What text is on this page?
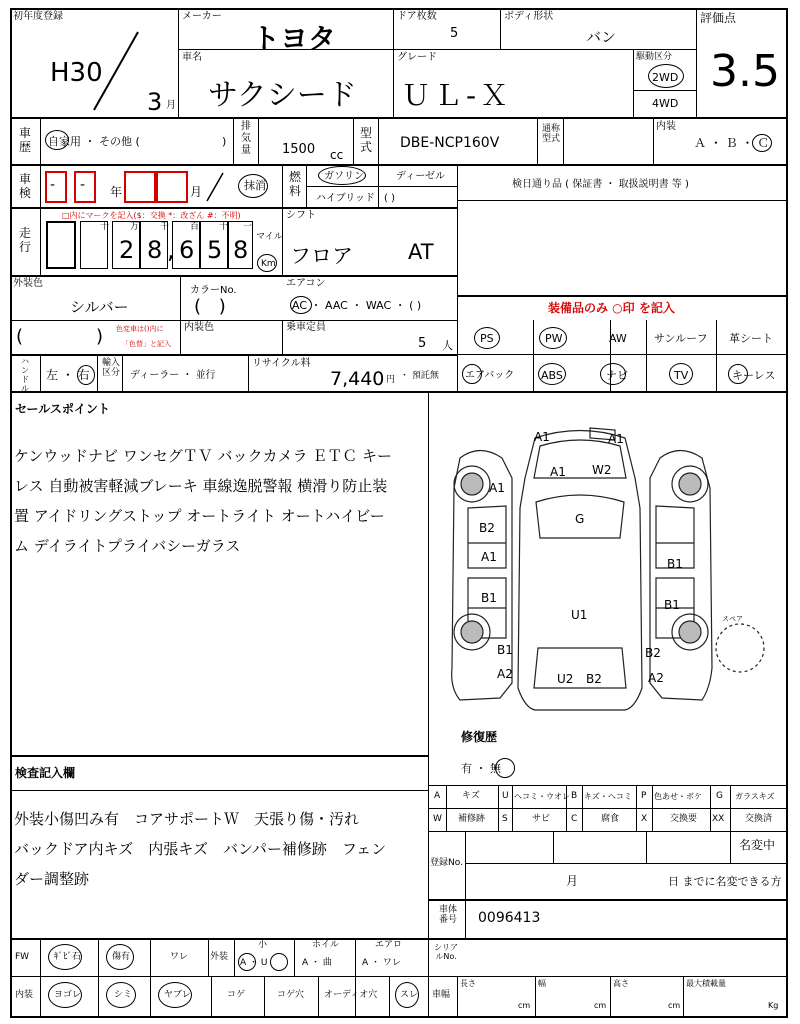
初年度登録
H30
3 月
メーカー
トヨタ
ドア枚数
5
ボディ形状
バン
評価点
3.5
車名
サクシード
グレード
ＵＬ-Ｘ
駆動区分
2WD
4WD
車歴 自家用 ・ その他 (	)
排気量 1500 cc
型式 DBE-NCP160V
通称型式
内装
Ａ ・ Ｂ ・ Ｃ
車検 - - 年	月	抹消
燃料
ガソリン	ディーゼル
ハイブリッド ( )
検日通り品 ( 保証書 ・ 取扱説明書 等 )
走行
□内にマークを記入($：交換 *：改ざん #：不明)
十 万 千 百 十 一
2 8 , 6 5 8 マイル
Km
シフト
フロア	AT
外装色
シルバー
カラーNo.
( )
エアコン
AC ・ AAC ・ WAC ・ ( )	装備品のみ ○印 を記入
(	) 色変車は()内に
「色替」と記入
内装色	乗車定員
5 人
PS	PW	AW サンルーフ 革シート
エアバック ABS	ナビ	TV	キーレス
ハンドル
左 ・ 右
輸入区分 ディーラー ・ 並行
リサイクル料
7,440 円 ・ 預託無
セールスポイント
ケンウッドナビ ワンセグＴＶ バックカメラ ＥＴＣ キー
レス 自動被害軽減ブレーキ 車線逸脱警報 横滑り防止装
置 アイドリングストップ オートライト オートハイビー
ム デイライトプライバシーガラス
スペア
A1	A1
A1 W2
A1
G
B2
A1
B1
B1
U1
B1
B1	B2
A2	A2
U2 B2
修復歴
有 ・ 無
検査記入欄
外装小傷凹み有　コアサポートＷ　天張り傷・汚れ
バックドア内キズ　内張キズ　バンパー補修跡　フェン
ダー調整跡
A キズ U ヘコミ・ウオレ B キズ・ヘコミ P 色あせ・ボケ G ガラスキズ
W 補修跡 S	サビ C	腐食 X	交換要 XX 交換済
登録No.
名変中
月	日 までに名変できる方
車体番号 0096413
シリアルNo.
車幅
長さ
cm
幅
cm
高さ
cm
最大積載量
Kg
FW	ｷﾞﾋﾞ石	傷有	ワレ 外装
小
A ・ U
ホイル
A ・ 曲
エアロ
A ・ ワレ
内装 ヨゴレ	シミ	ヤブレ	コゲ	コゲ穴 オーディオ穴	スレ
